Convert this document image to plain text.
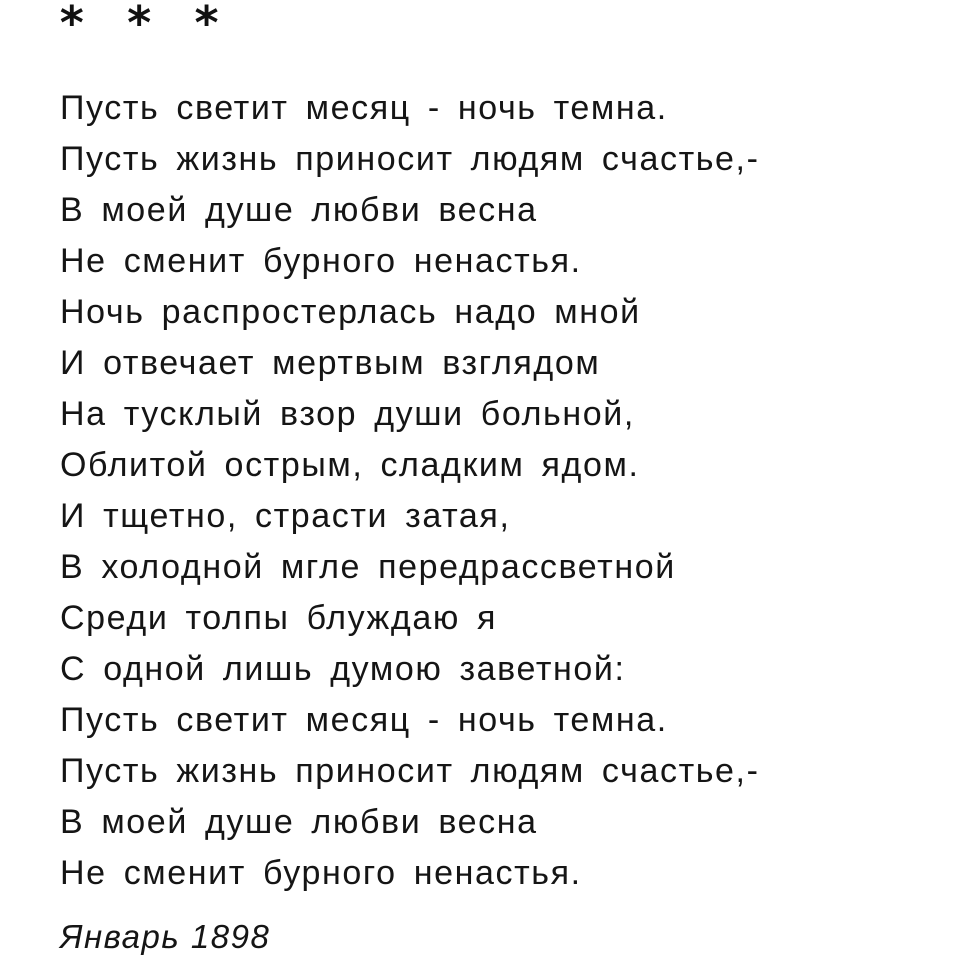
* * *
Пусть светит месяц - ночь темна.
Пусть жизнь приносит людям счастье,-
В моей душе любви весна
Не сменит бурного ненастья.
Ночь распростерлась надо мной
И отвечает мертвым взглядом
На тусклый взор души больной,
Облитой острым, сладким ядом.
И тщетно, страсти затая,
В холодной мгле передрассветной
Среди толпы блуждаю я
С одной лишь думою заветной:
Пусть светит месяц - ночь темна.
Пусть жизнь приносит людям счастье,-
В моей душе любви весна
Не сменит бурного ненастья.
Январь 1898
